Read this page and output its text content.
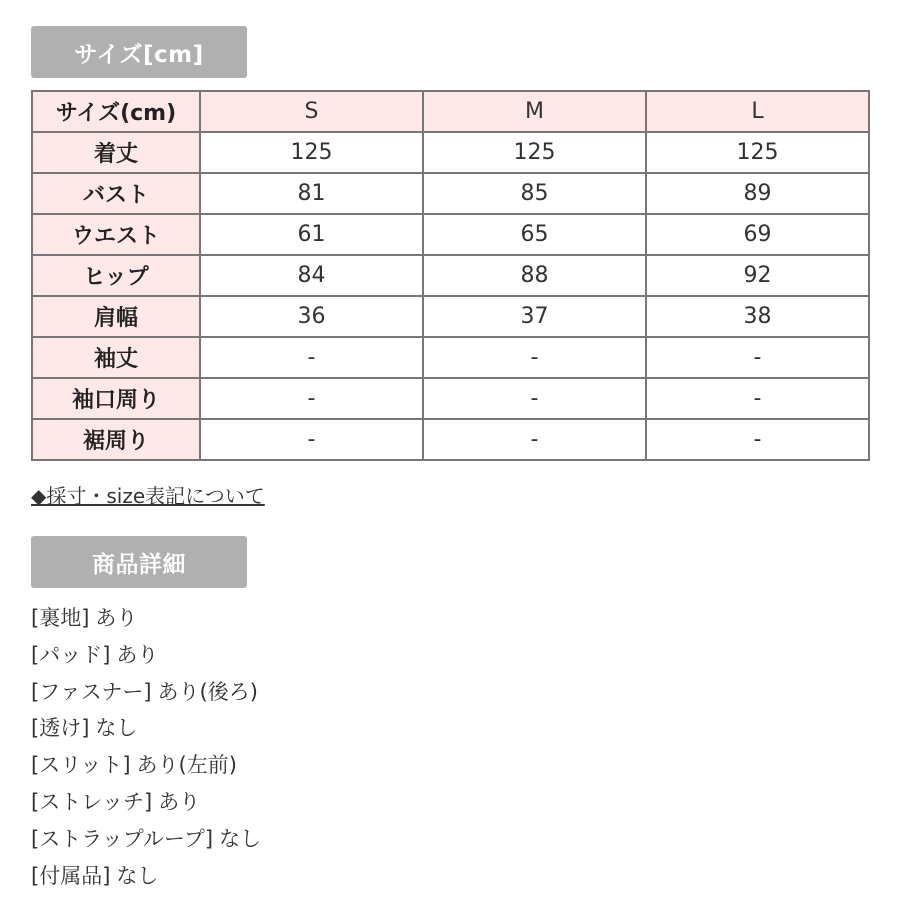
サイズ[cm]
サイズ(cm)	S	M	L
着丈	125	125	125
バスト	81	85	89
ウエスト	61	65	69
ヒップ	84	88	92
肩幅	36	37	38
袖丈	-	-	-
袖口周り	-	-	-
裾周り	-	-	-
◆採寸・size表記について
商品詳細
[裏地] あり
[パッド] あり
[ファスナー] あり(後ろ)
[透け] なし
[スリット] あり(左前)
[ストレッチ] あり
[ストラップループ] なし
[付属品] なし
